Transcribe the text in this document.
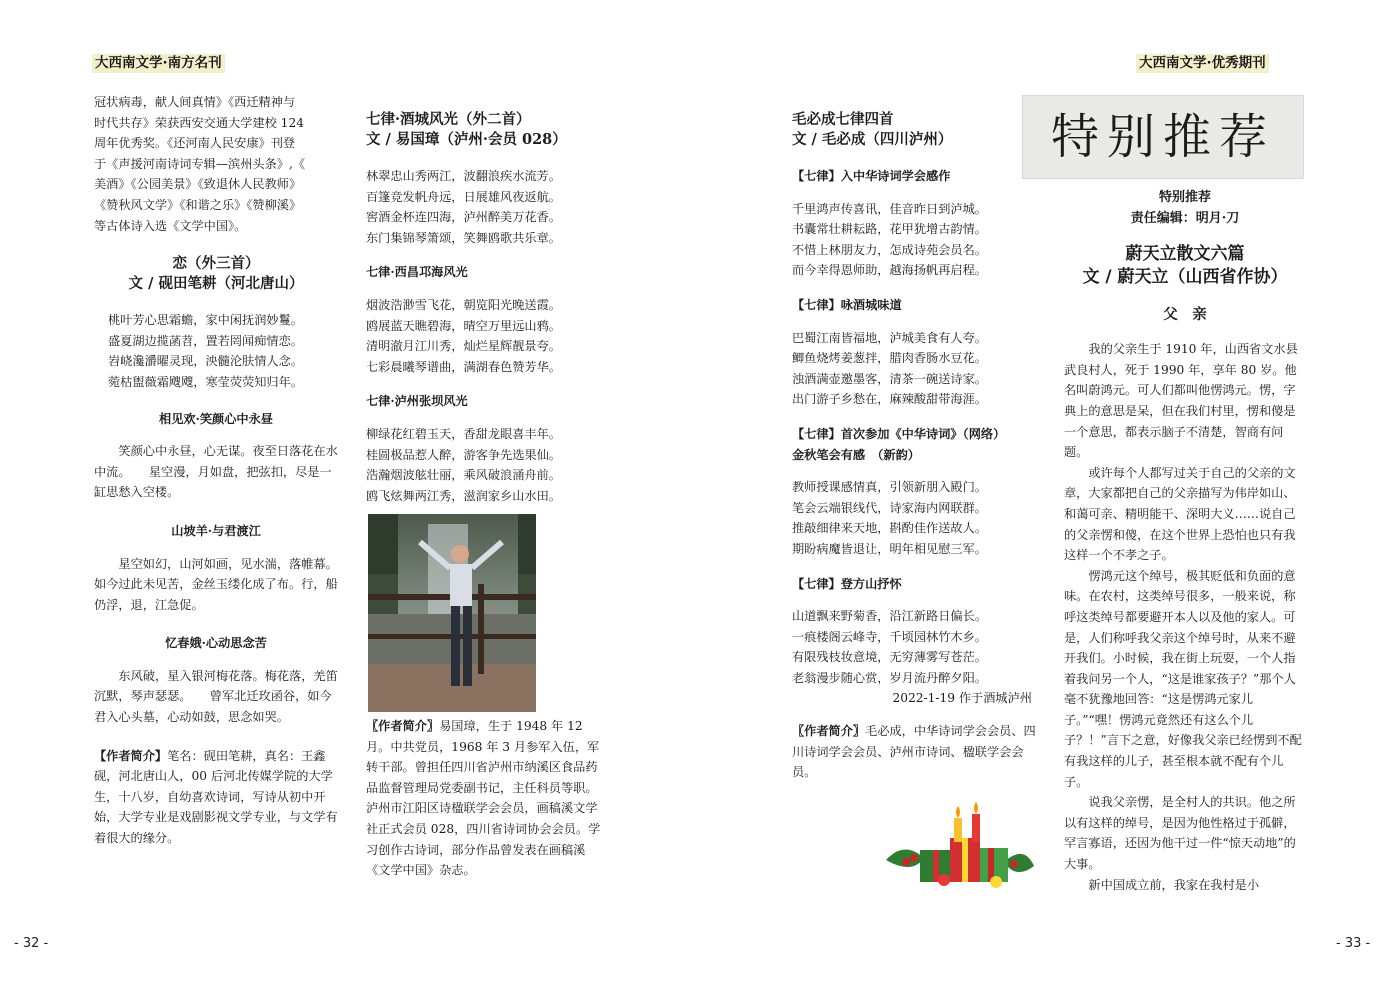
大西南文学·南方名刊	大西南文学·优秀期刊

冠状病毒，献人间真情》《西迁精神与

时代共存》荣获西安交通大学建校 124

周年优秀奖。《还河南人民安康》刊登

于《声援河南诗词专辑—滨州头条》,《

美酒》《公园美景》《致退休人民教师》

《赞秋风文学》《和谐之乐》《赞柳溪》

等古体诗入选《文学中国》。

恋（外三首）
文 / 砚田笔耕（河北唐山）

桃叶芳心思霜蟾，家中闲抚润妙鬘。

盛夏湖边揽菡苕，置若罔闻痴情恋。

岧峣瀺灂曜灵现，泱髓沦肤情人念。

菀枯盥薇霜飕飕，寒莹荧荧知归年。

相见欢·笑颜心中永昼

笑颜心中永昼，心无谋。夜至日落花在水中流。　　星空漫，月如盘，把弦扣，尽是一缸思愁入空楼。

山坡羊·与君渡江

星空如幻，山河如画，见水湍，落帷幕。　　如今过此未见苦，金丝玉缕化成了布。行，船仍浮，退，江急促。

忆春娥·心动思念苦

东风破，星入银河梅花落。梅花落，羌笛沉默，琴声瑟瑟。　　曾军北迁玫函谷，如今君入心头墓，心动如鼓，思念如哭。

【作者简介】笔名：砚田笔耕，真名：王鑫砚，河北唐山人，00 后河北传媒学院的大学生，十八岁，自幼喜欢诗词，写诗从初中开始，大学专业是戏剧影视文学专业，与文学有着很大的缘分。

七律·酒城风光（外二首）
文 / 易国璋（泸州·会员 028）

林翠忠山秀两江，波翻浪疾水流芳。

百篷竞发帆舟远，日展雄风夜返航。

窖酒金杯连四海，泸州醉美万花香。

东门集锦琴箫颂，笑舞鸥歌共乐章。

七律·西昌邛海风光

烟波浩渺雪飞花，朝览阳光晚送霞。

鸥展蓝天瞧碧海，晴空万里远山鸦。

清明澈月江川秀，灿烂星辉靓景夸。

七彩晨曦琴谱曲，满湖春色赞芳华。

七律·泸州张坝风光

柳绿花红碧玉天，香甜龙眼喜丰年。

桂圆极品惹人醉，游客争先选果仙。

浩瀚烟波舷壮丽，乘风破浪涌舟前。

鸥飞炫舞两江秀，滋润家乡山水田。

〖作者简介〗易国璋，生于 1948 年 12 月。中共党员，1968 年 3 月参军入伍，军转干部。曾担任四川省泸州市纳溪区食品药品监督管理局党委副书记，主任科员等职。泸州市江阳区诗楹联学会会员，画稿溪文学社正式会员 028，四川省诗词协会会员。学习创作古诗词，部分作品曾发表在画稿溪《文学中国》杂志。

毛必成七律四首
文 / 毛必成（四川泸州）
【七律】入中华诗词学会感作

千里鸿声传喜讯，佳音昨日到泸城。

书囊常壮耕耘路，花甲犹增古韵情。

不惜上林朋友力，怎成诗苑会员名。

而今幸得恩师助，越海扬帆再启程。

【七律】咏酒城味道

巴蜀江南皆福地，泸城美食有人夸。

鲫鱼烧烤姜葱拌，腊肉香肠水豆花。

浊酒满壶邀墨客，清茶一碗送诗家。

出门游子乡愁在，麻辣酸甜带海涯。

【七律】首次参加《中华诗词》（网络）
金秋笔会有感　（新韵）

教师授课感情真，引领新朋入殿门。

笔会云端银线代，诗家海内网联群。

推敲细律来天地，斟酌佳作送故人。

期盼病魔皆退让，明年相见慰三军。

【七律】登方山抒怀

山道飘来野菊香，沿江新路日偏长。

一痕楼阁云峰寺，千顷园林竹木乡。

有限残枝妆意境，无穷薄雾写苍茫。

老翁漫步随心赏，岁月流丹醉夕阳。

2022-1-19 作于酒城泸州

〖作者简介〗毛必成，中华诗词学会会员、四川诗词学会会员、泸州市诗词、楹联学会会员。

特别推荐
特别推荐
责任编辑：明月·刀
蔚天立散文六篇
文 / 蔚天立（山西省作协）
父　亲

我的父亲生于 1910 年，山西省文水县武良村人，死于 1990 年，享年 80 岁。他名叫蔚鸿元。可人们都叫他愣鸿元。愣，字典上的意思是呆，但在我们村里，愣和傻是一个意思，都表示脑子不清楚，智商有问题。

或许每个人都写过关于自己的父亲的文章，大家都把自己的父亲描写为伟岸如山、和蔼可亲、精明能干、深明大义……说自己的父亲愣和傻，在这个世界上恐怕也只有我这样一个不孝之子。

愣鸿元这个绰号，极其贬低和负面的意味。在农村，这类绰号很多，一般来说，称呼这类绰号都要避开本人以及他的家人。可是，人们称呼我父亲这个绰号时，从来不避开我们。小时候，我在街上玩耍，一个人指着我问另一个人，“这是谁家孩子？”那个人毫不犹豫地回答：“这是愣鸿元家儿子。”“嘿！愣鸿元竟然还有这么个儿子？！”言下之意，好像我父亲已经愣到不配有我这样的儿子，甚至根本就不配有个儿子。

说我父亲愣，是全村人的共识。他之所以有这样的绰号，是因为他性格过于孤僻，罕言寡语，还因为他干过一件“惊天动地”的大事。

新中国成立前，我家在我村是小

- 32 -	- 33 -
